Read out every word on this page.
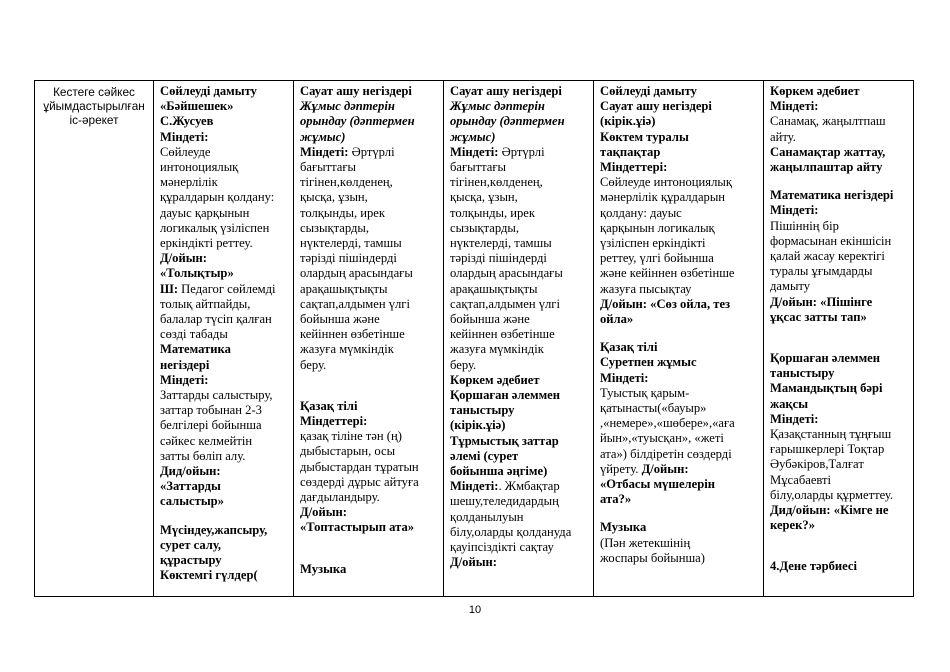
Кестеге сәйкес
ұйымдастырылған
іс-әрекет
Сөйлеуді дамыту
«Бәйшешек»
С.Жусуев
Міндеті:
Сөйлеуде
интоноциялық
мәнерлілік
құралдарын қолдану:
дауыс қарқынын
логикалық үзіліспен
еркіндікті реттеу.
Д/ойын:
«Толықтыр»
Ш: Педагог сөйлемді
толық айтпайды,
балалар түсіп қалған
сөзді табады
Математика
негіздері
Міндеті:
Заттарды салыстыру,
заттар тобынан 2-3
белгілері бойынша
сәйкес келмейтін
затты бөліп алу.
Дид/ойын:
«Заттарды
салыстыр»
Мүсіндеу,жапсыру,
сурет салу,
құрастыру
Көктемгі гүлдер(
Сауат ашу негіздері
Жұмыс дәптерін
орындау (дәптермен
жұмыс)
Міндеті: Әртүрлі
бағыттағы
тігінен,көлденең,
қысқа, ұзын,
толқынды, ирек
сызықтарды,
нүктелерді, тамшы
тәрізді пішіндерді
олардың арасындағы
арақашықтықты
сақтап,алдымен үлгі
бойынша және
кейіннен өзбетінше
жазуға мүмкіндік
беру.
Қазақ тілі
Міндеттері:
қазақ тіліне тән (ң)
дыбыстарын, осы
дыбыстардан тұратын
сөздерді дұрыс айтуға
дағдыландыру.
Д/ойын:
«Топтастырып ата»
Музыка
Сауат ашу негіздері
Жұмыс дәптерін
орындау (дәптермен
жұмыс)
Міндеті: Әртүрлі
бағыттағы
тігінен,көлденең,
қысқа, ұзын,
толқынды, ирек
сызықтарды,
нүктелерді, тамшы
тәрізді пішіндерді
олардың арасындағы
арақашықтықты
сақтап,алдымен үлгі
бойынша және
кейіннен өзбетінше
жазуға мүмкіндік
беру.
Көркем әдебиет
Қоршаған әлеммен
таныстыру
(кірік.ұіә)
Тұрмыстық заттар
әлемі (сурет
бойынша әңгіме)
Міндеті:. Жмбақтар
шешу,теледидардың
қолданылуын
білу,оларды қолдануда
қауіпсіздікті сақтау
Д/ойын:
Сөйлеуді дамыту
Сауат ашу негіздері
(кірік.ұіә)
Көктем туралы
тақпақтар
Міндеттері:
Сөйлеуде интоноциялық
мәнерлілік құралдарын
қолдану: дауыс
қарқынын логикалық
үзіліспен еркіндікті
реттеу, үлгі бойынша
және кейіннен өзбетінше
жазуға пысықтау
Д/ойын: «Сөз ойла, тез
ойла»
Қазақ тілі
Суретпен жұмыс
Міндеті:
Туыстық қарым-
қатынасты(«бауыр»
,«немере»,«шөбере»,«аға
йын»,«туысқан», «жеті
ата») білдіретін сөздерді
үйрету. Д/ойын:
«Отбасы мүшелерін
ата?»
Музыка
(Пән жетекшінің
жоспары бойынша)
Көркем әдебиет
Міндеті:
Санамақ, жаңылтпаш
айту.
Санамақтар жаттау,
жаңылпаштар айту
Математика негіздері
Міндеті:
Пішіннің бір
формасынан екіншісін
қалай жасау керектігі
туралы ұғымдарды
дамыту
Д/ойын: «Пішінге
ұқсас затты тап»
Қоршаған әлеммен
таныстыру
Мамандықтың бәрі
жақсы
Міндеті:
Қазақстанның тұңғыш
ғарышкерлері Тоқтар
Әубәкіров,Талғат
Мұсабаевті
білу,оларды құрметтеу.
Дид/ойын: «Кімге не
керек?»
4.Дене тәрбиесі
10
